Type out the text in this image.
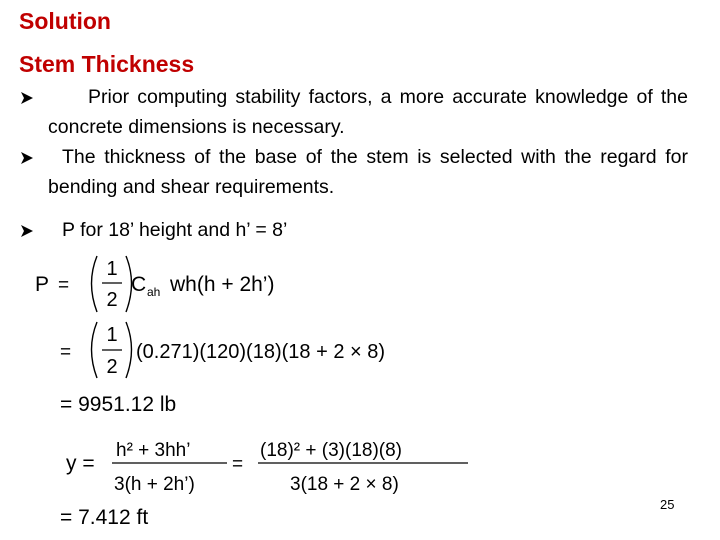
Solution
Stem Thickness
Prior computing stability factors, a more accurate knowledge of the concrete dimensions is necessary.
The thickness of the base of the stem is selected with the regard for bending and shear requirements.
P for 18’ height and h’ = 8’
P =
1
2
C ah wh(h + 2h’)
=
1
2
(0.271)(120)(18)(18 + 2 × 8)
= 9951.12 lb
y =
h² + 3hh’
3(h + 2h’)
=
(18)² + (3)(18)(8)
3(18 + 2 × 8)
= 7.412 ft
25
